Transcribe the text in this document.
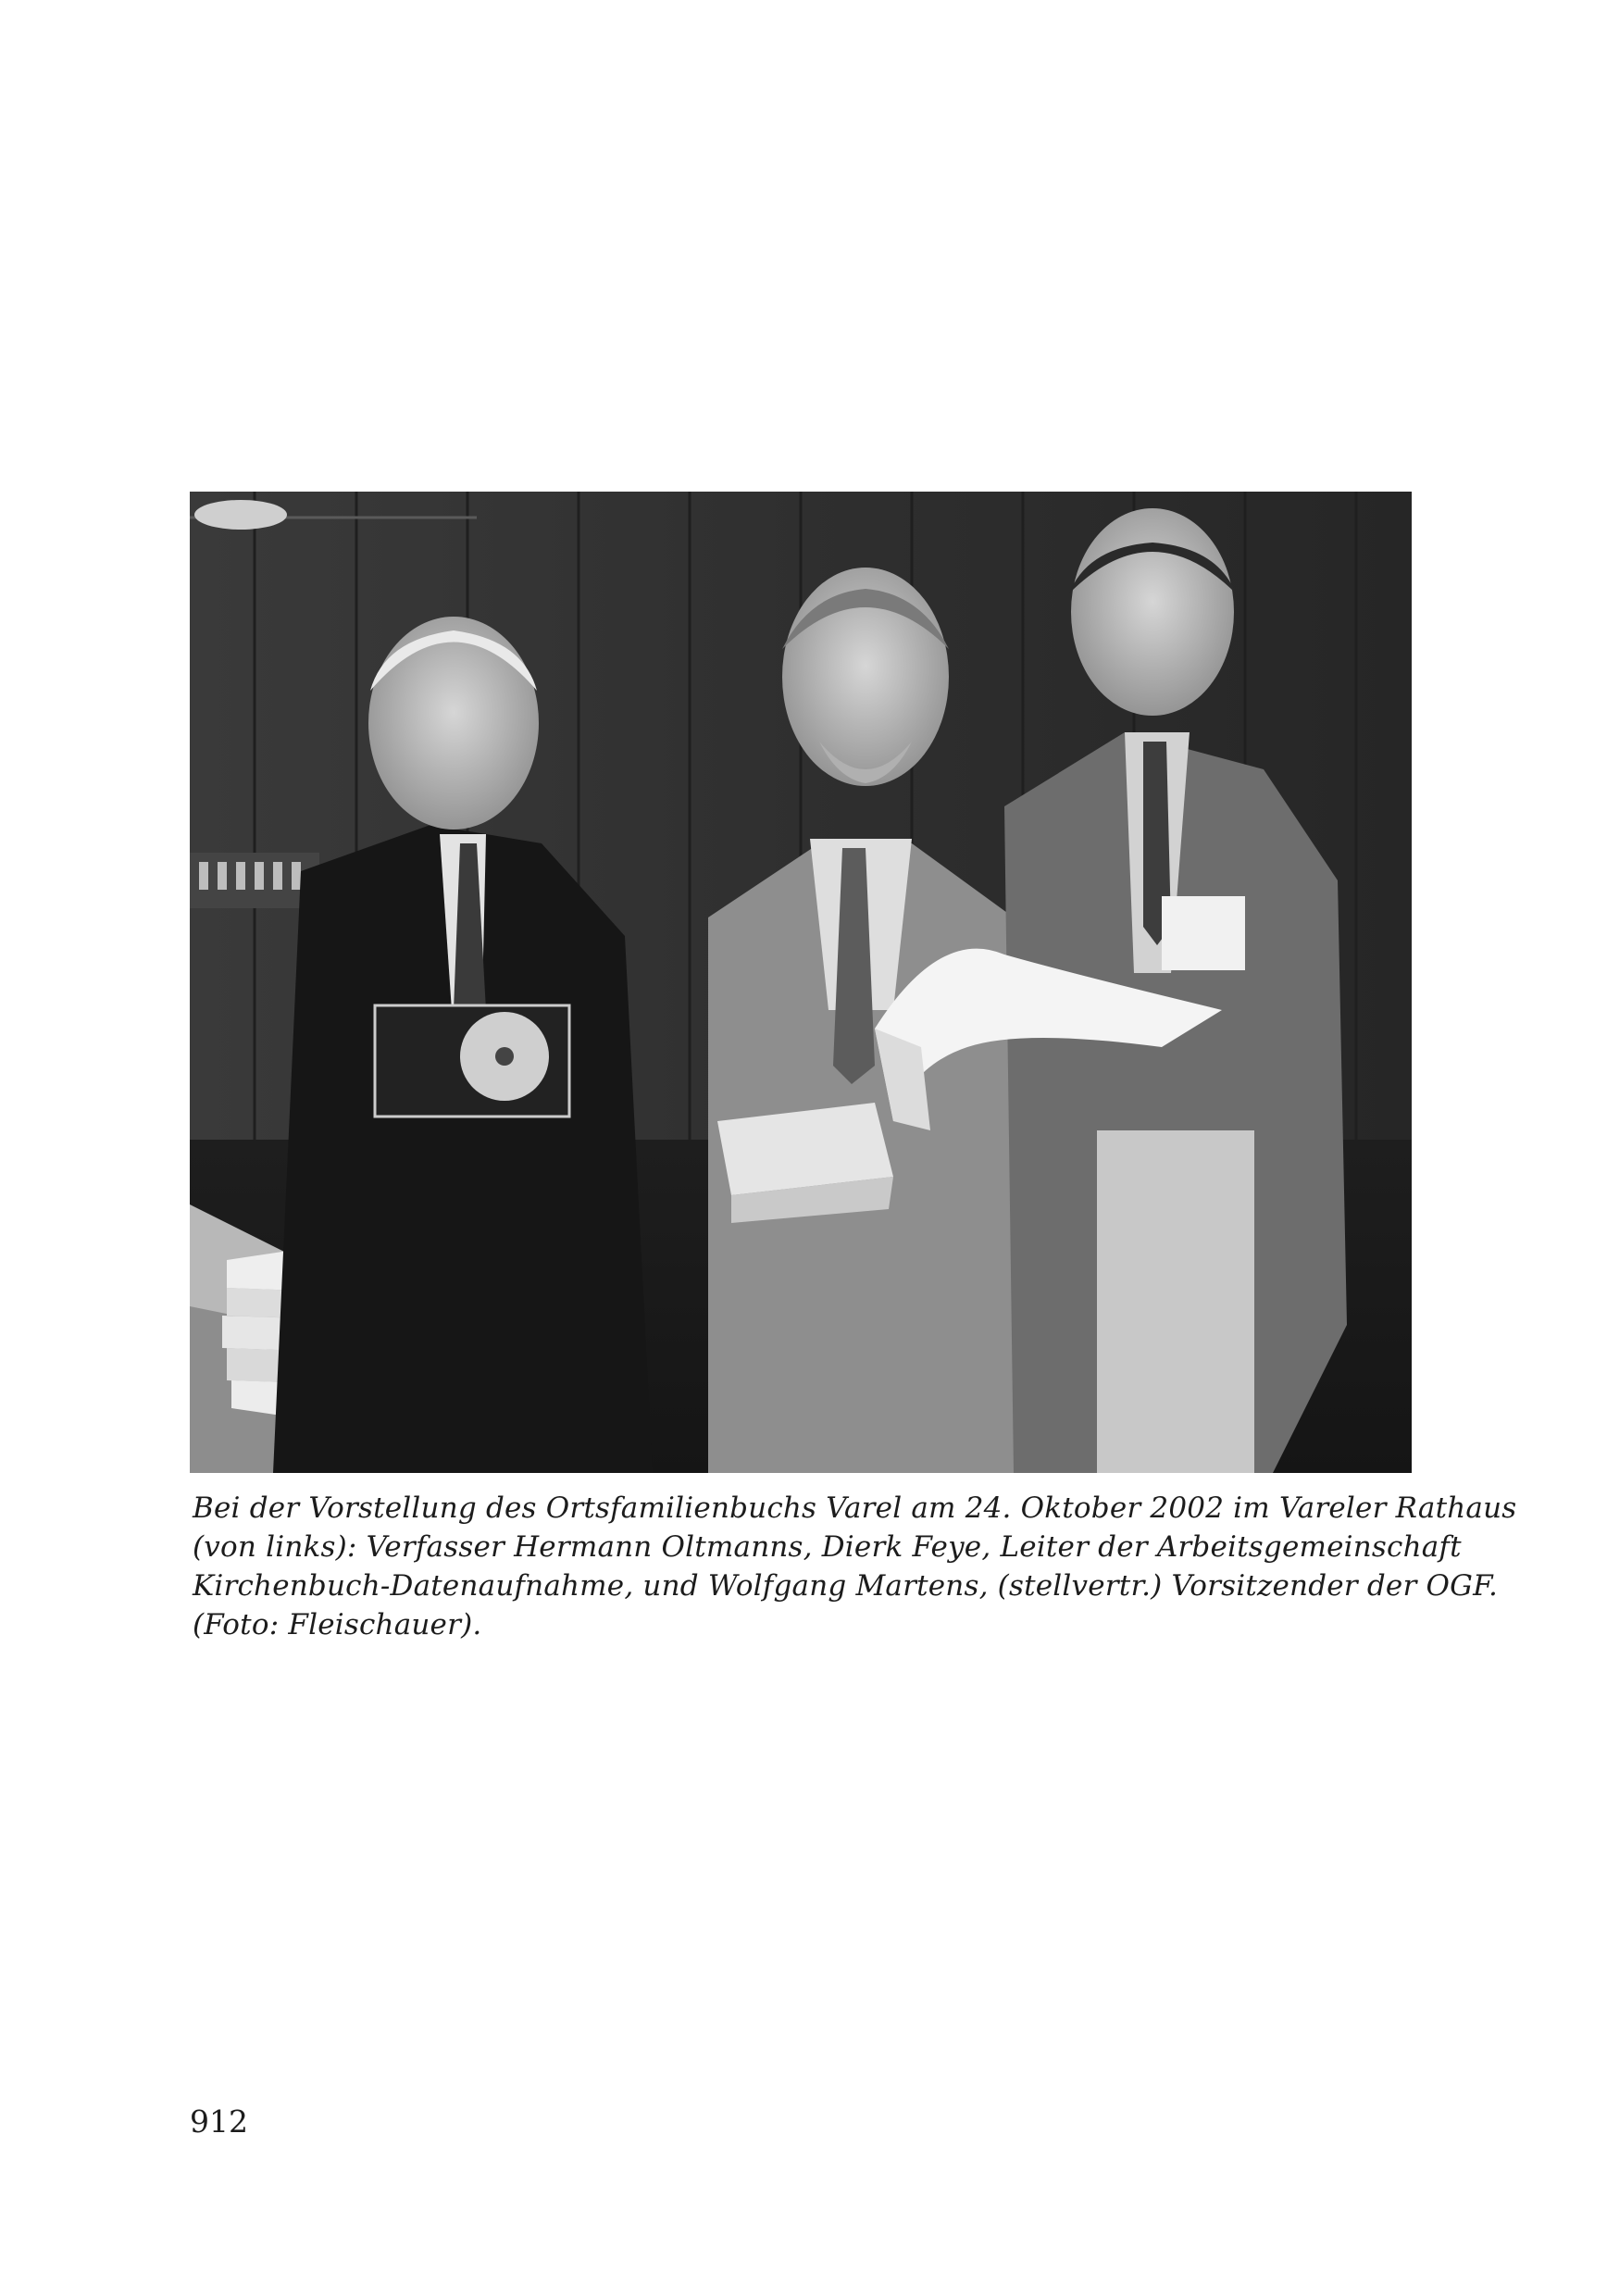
Bei der Vorstellung des Ortsfamilienbuchs Varel am 24. Oktober 2002 im Vareler Rathaus
(von links): Verfasser Hermann Oltmanns, Dierk Feye, Leiter der Arbeitsgemeinschaft
Kirchenbuch-Datenaufnahme, und Wolfgang Martens, (stellvertr.) Vorsitzender der OGF.
(Foto: Fleischauer).
912
